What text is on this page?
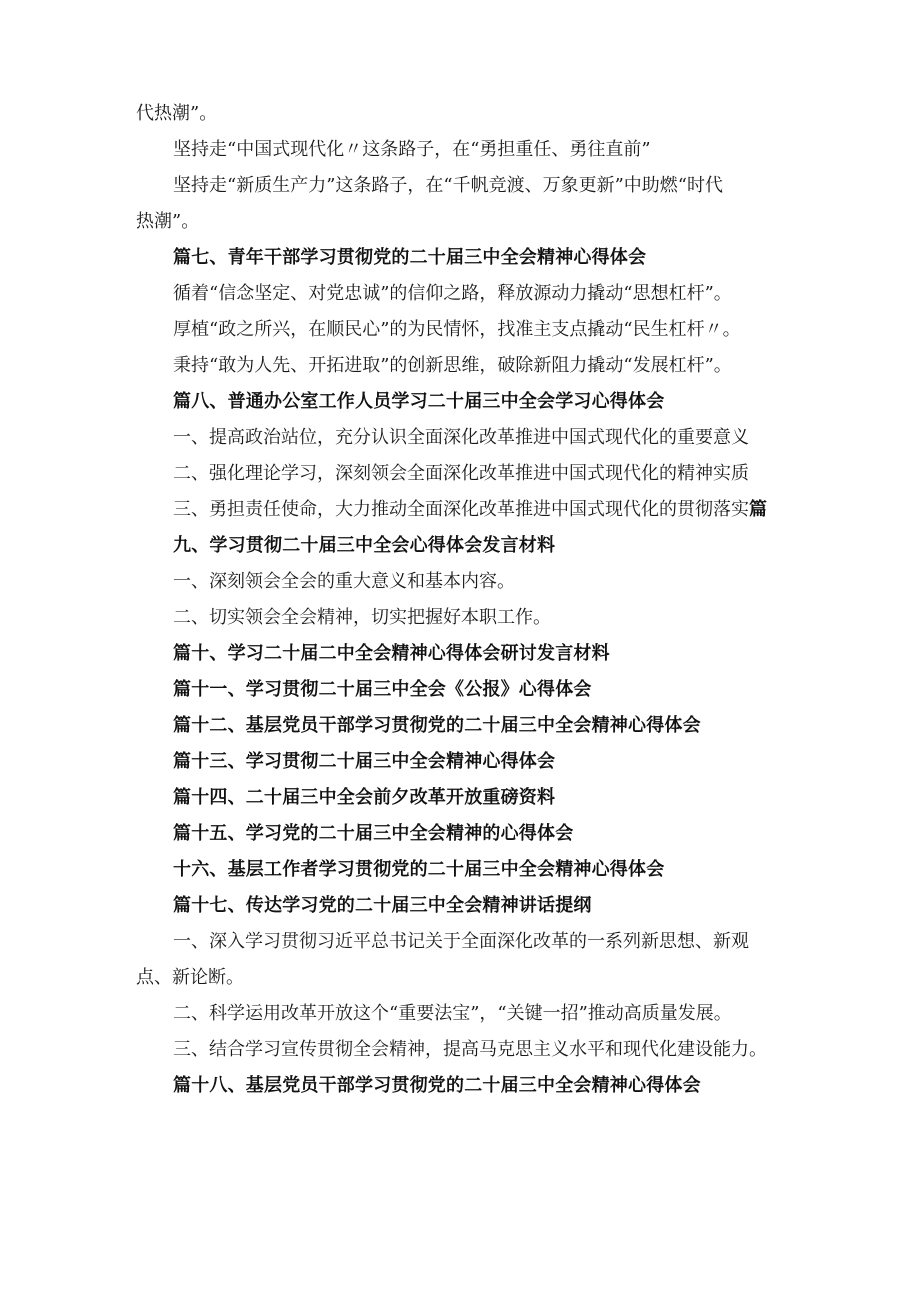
代热潮”。
坚持走“中国式现代化〃这条路子，在“勇担重任、勇往直前”
坚持走“新质生产力”这条路子，在“千帆竞渡、万象更新”中助燃“时代
热潮”。
篇七、青年干部学习贯彻党的二十届三中全会精神心得体会
循着“信念坚定、对党忠诚”的信仰之路，释放源动力撬动“思想杠杆”。
厚植“政之所兴，在顺民心”的为民情怀，找准主支点撬动“民生杠杆〃。
秉持“敢为人先、开拓进取”的创新思维，破除新阻力撬动“发展杠杆”。
篇八、普通办公室工作人员学习二十届三中全会学习心得体会
一、提高政治站位，充分认识全面深化改革推进中国式现代化的重要意义
二、强化理论学习，深刻领会全面深化改革推进中国式现代化的精神实质
三、勇担责任使命，大力推动全面深化改革推进中国式现代化的贯彻落实篇
九、学习贯彻二十届三中全会心得体会发言材料
一、深刻领会全会的重大意义和基本内容。
二、切实领会全会精神，切实把握好本职工作。
篇十、学习二十届二中全会精神心得体会研讨发言材料
篇十一、学习贯彻二十届三中全会《公报》心得体会
篇十二、基层党员干部学习贯彻党的二十届三中全会精神心得体会
篇十三、学习贯彻二十届三中全会精神心得体会
篇十四、二十届三中全会前夕改革开放重磅资料
篇十五、学习党的二十届三中全会精神的心得体会
十六、基层工作者学习贯彻党的二十届三中全会精神心得体会
篇十七、传达学习党的二十届三中全会精神讲话提纲
一、深入学习贯彻习近平总书记关于全面深化改革的一系列新思想、新观
点、新论断。
二、科学运用改革开放这个“重要法宝”，“关键一招”推动高质量发展。
三、结合学习宣传贯彻全会精神，提高马克思主义水平和现代化建设能力。
篇十八、基层党员干部学习贯彻党的二十届三中全会精神心得体会
